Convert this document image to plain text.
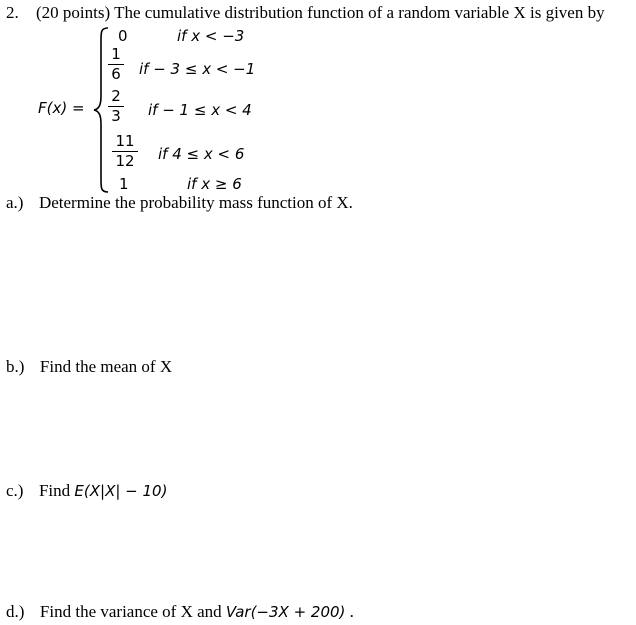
2. (20 points) The cumulative distribution function of a random variable X is given by
F(x) =
0	if x < −3
1
6 if − 3 ≤ x < −1
2
3 if − 1 ≤ x < 4
11
12 if 4 ≤ x < 6
1	if x ≥ 6
a.) Determine the probability mass function of X.
b.) Find the mean of X
c.) Find E(X|X| − 10)
d.) Find the variance of X and Var(−3X + 200) .
